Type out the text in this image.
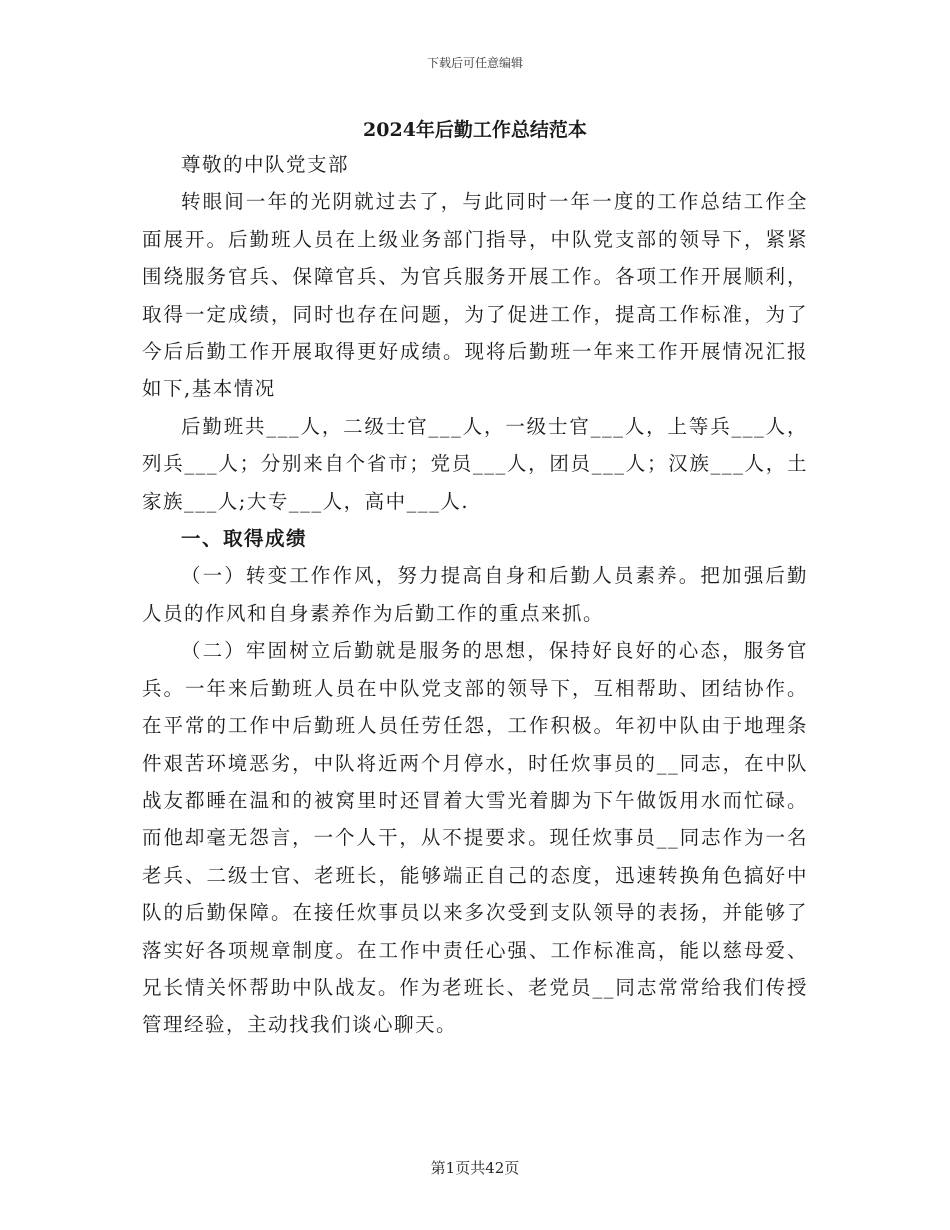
下载后可任意编辑
2024年后勤工作总结范本

尊敬的中队党支部

转眼间一年的光阴就过去了，与此同时一年一度的工作总结工作全面展开。后勤班人员在上级业务部门指导，中队党支部的领导下，紧紧围绕服务官兵、保障官兵、为官兵服务开展工作。各项工作开展顺利，取得一定成绩，同时也存在问题，为了促进工作，提高工作标准，为了今后后勤工作开展取得更好成绩。现将后勤班一年来工作开展情况汇报如下,基本情况

后勤班共___人，二级士官___人，一级士官___人，上等兵___人，列兵___人；分别来自个省市；党员___人，团员___人；汉族___人，土家族___人;大专___人，高中___人.

一、取得成绩

（一）转变工作作风，努力提高自身和后勤人员素养。把加强后勤人员的作风和自身素养作为后勤工作的重点来抓。

（二）牢固树立后勤就是服务的思想，保持好良好的心态，服务官兵。一年来后勤班人员在中队党支部的领导下，互相帮助、团结协作。在平常的工作中后勤班人员任劳任怨，工作积极。年初中队由于地理条件艰苦环境恶劣，中队将近两个月停水，时任炊事员的__同志，在中队战友都睡在温和的被窝里时还冒着大雪光着脚为下午做饭用水而忙碌。而他却毫无怨言，一个人干，从不提要求。现任炊事员__同志作为一名老兵、二级士官、老班长，能够端正自己的态度，迅速转换角色搞好中队的后勤保障。在接任炊事员以来多次受到支队领导的表扬，并能够了落实好各项规章制度。在工作中责任心强、工作标准高，能以慈母爱、兄长情关怀帮助中队战友。作为老班长、老党员__同志常常给我们传授管理经验，主动找我们谈心聊天。

第1页共42页
